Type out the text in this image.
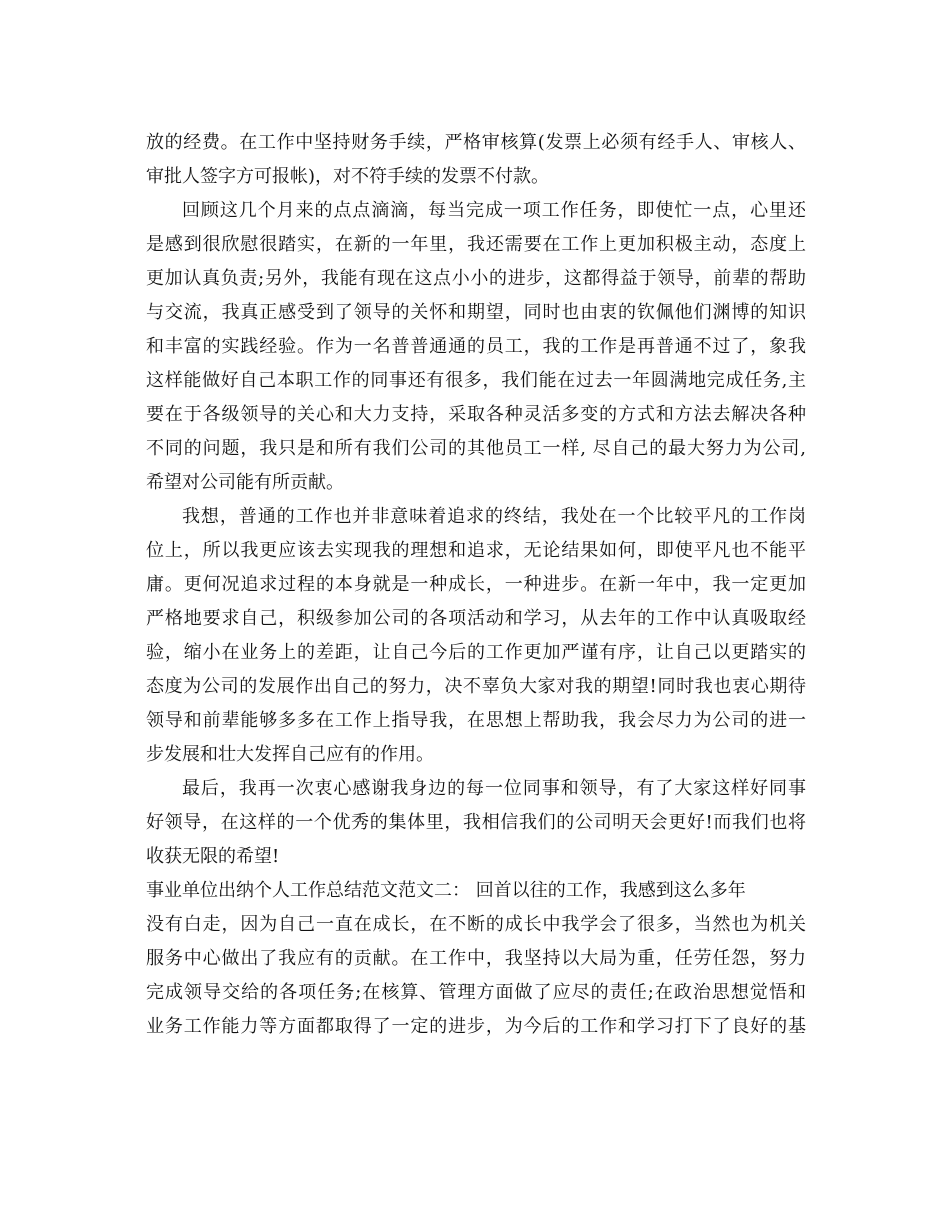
放的经费。在工作中坚持财务手续，严格审核算(发票上必须有经手人、审核人、
审批人签字方可报帐)，对不符手续的发票不付款。
回顾这几个月来的点点滴滴，每当完成一项工作任务，即使忙一点，心里还
是感到很欣慰很踏实，在新的一年里，我还需要在工作上更加积极主动，态度上
更加认真负责;另外，我能有现在这点小小的进步，这都得益于领导，前辈的帮助
与交流，我真正感受到了领导的关怀和期望，同时也由衷的钦佩他们渊博的知识
和丰富的实践经验。作为一名普普通通的员工，我的工作是再普通不过了，象我
这样能做好自己本职工作的同事还有很多，我们能在过去一年圆满地完成任务,主
要在于各级领导的关心和大力支持，采取各种灵活多变的方式和方法去解决各种
不同的问题，我只是和所有我们公司的其他员工一样, 尽自己的最大努力为公司,
希望对公司能有所贡献。
我想，普通的工作也并非意味着追求的终结，我处在一个比较平凡的工作岗
位上，所以我更应该去实现我的理想和追求，无论结果如何，即使平凡也不能平
庸。更何况追求过程的本身就是一种成长，一种进步。在新一年中，我一定更加
严格地要求自己，积级参加公司的各项活动和学习，从去年的工作中认真吸取经
验，缩小在业务上的差距，让自己今后的工作更加严谨有序，让自己以更踏实的
态度为公司的发展作出自己的努力，决不辜负大家对我的期望!同时我也衷心期待
领导和前辈能够多多在工作上指导我，在思想上帮助我，我会尽力为公司的进一
步发展和壮大发挥自己应有的作用。
最后，我再一次衷心感谢我身边的每一位同事和领导，有了大家这样好同事
好领导，在这样的一个优秀的集体里，我相信我们的公司明天会更好!而我们也将
收获无限的希望!
事业单位出纳个人工作总结范文范文二： 回首以往的工作，我感到这么多年
没有白走，因为自己一直在成长，在不断的成长中我学会了很多，当然也为机关
服务中心做出了我应有的贡献。在工作中，我坚持以大局为重，任劳任怨，努力
完成领导交给的各项任务;在核算、管理方面做了应尽的责任;在政治思想觉悟和
业务工作能力等方面都取得了一定的进步，为今后的工作和学习打下了良好的基
